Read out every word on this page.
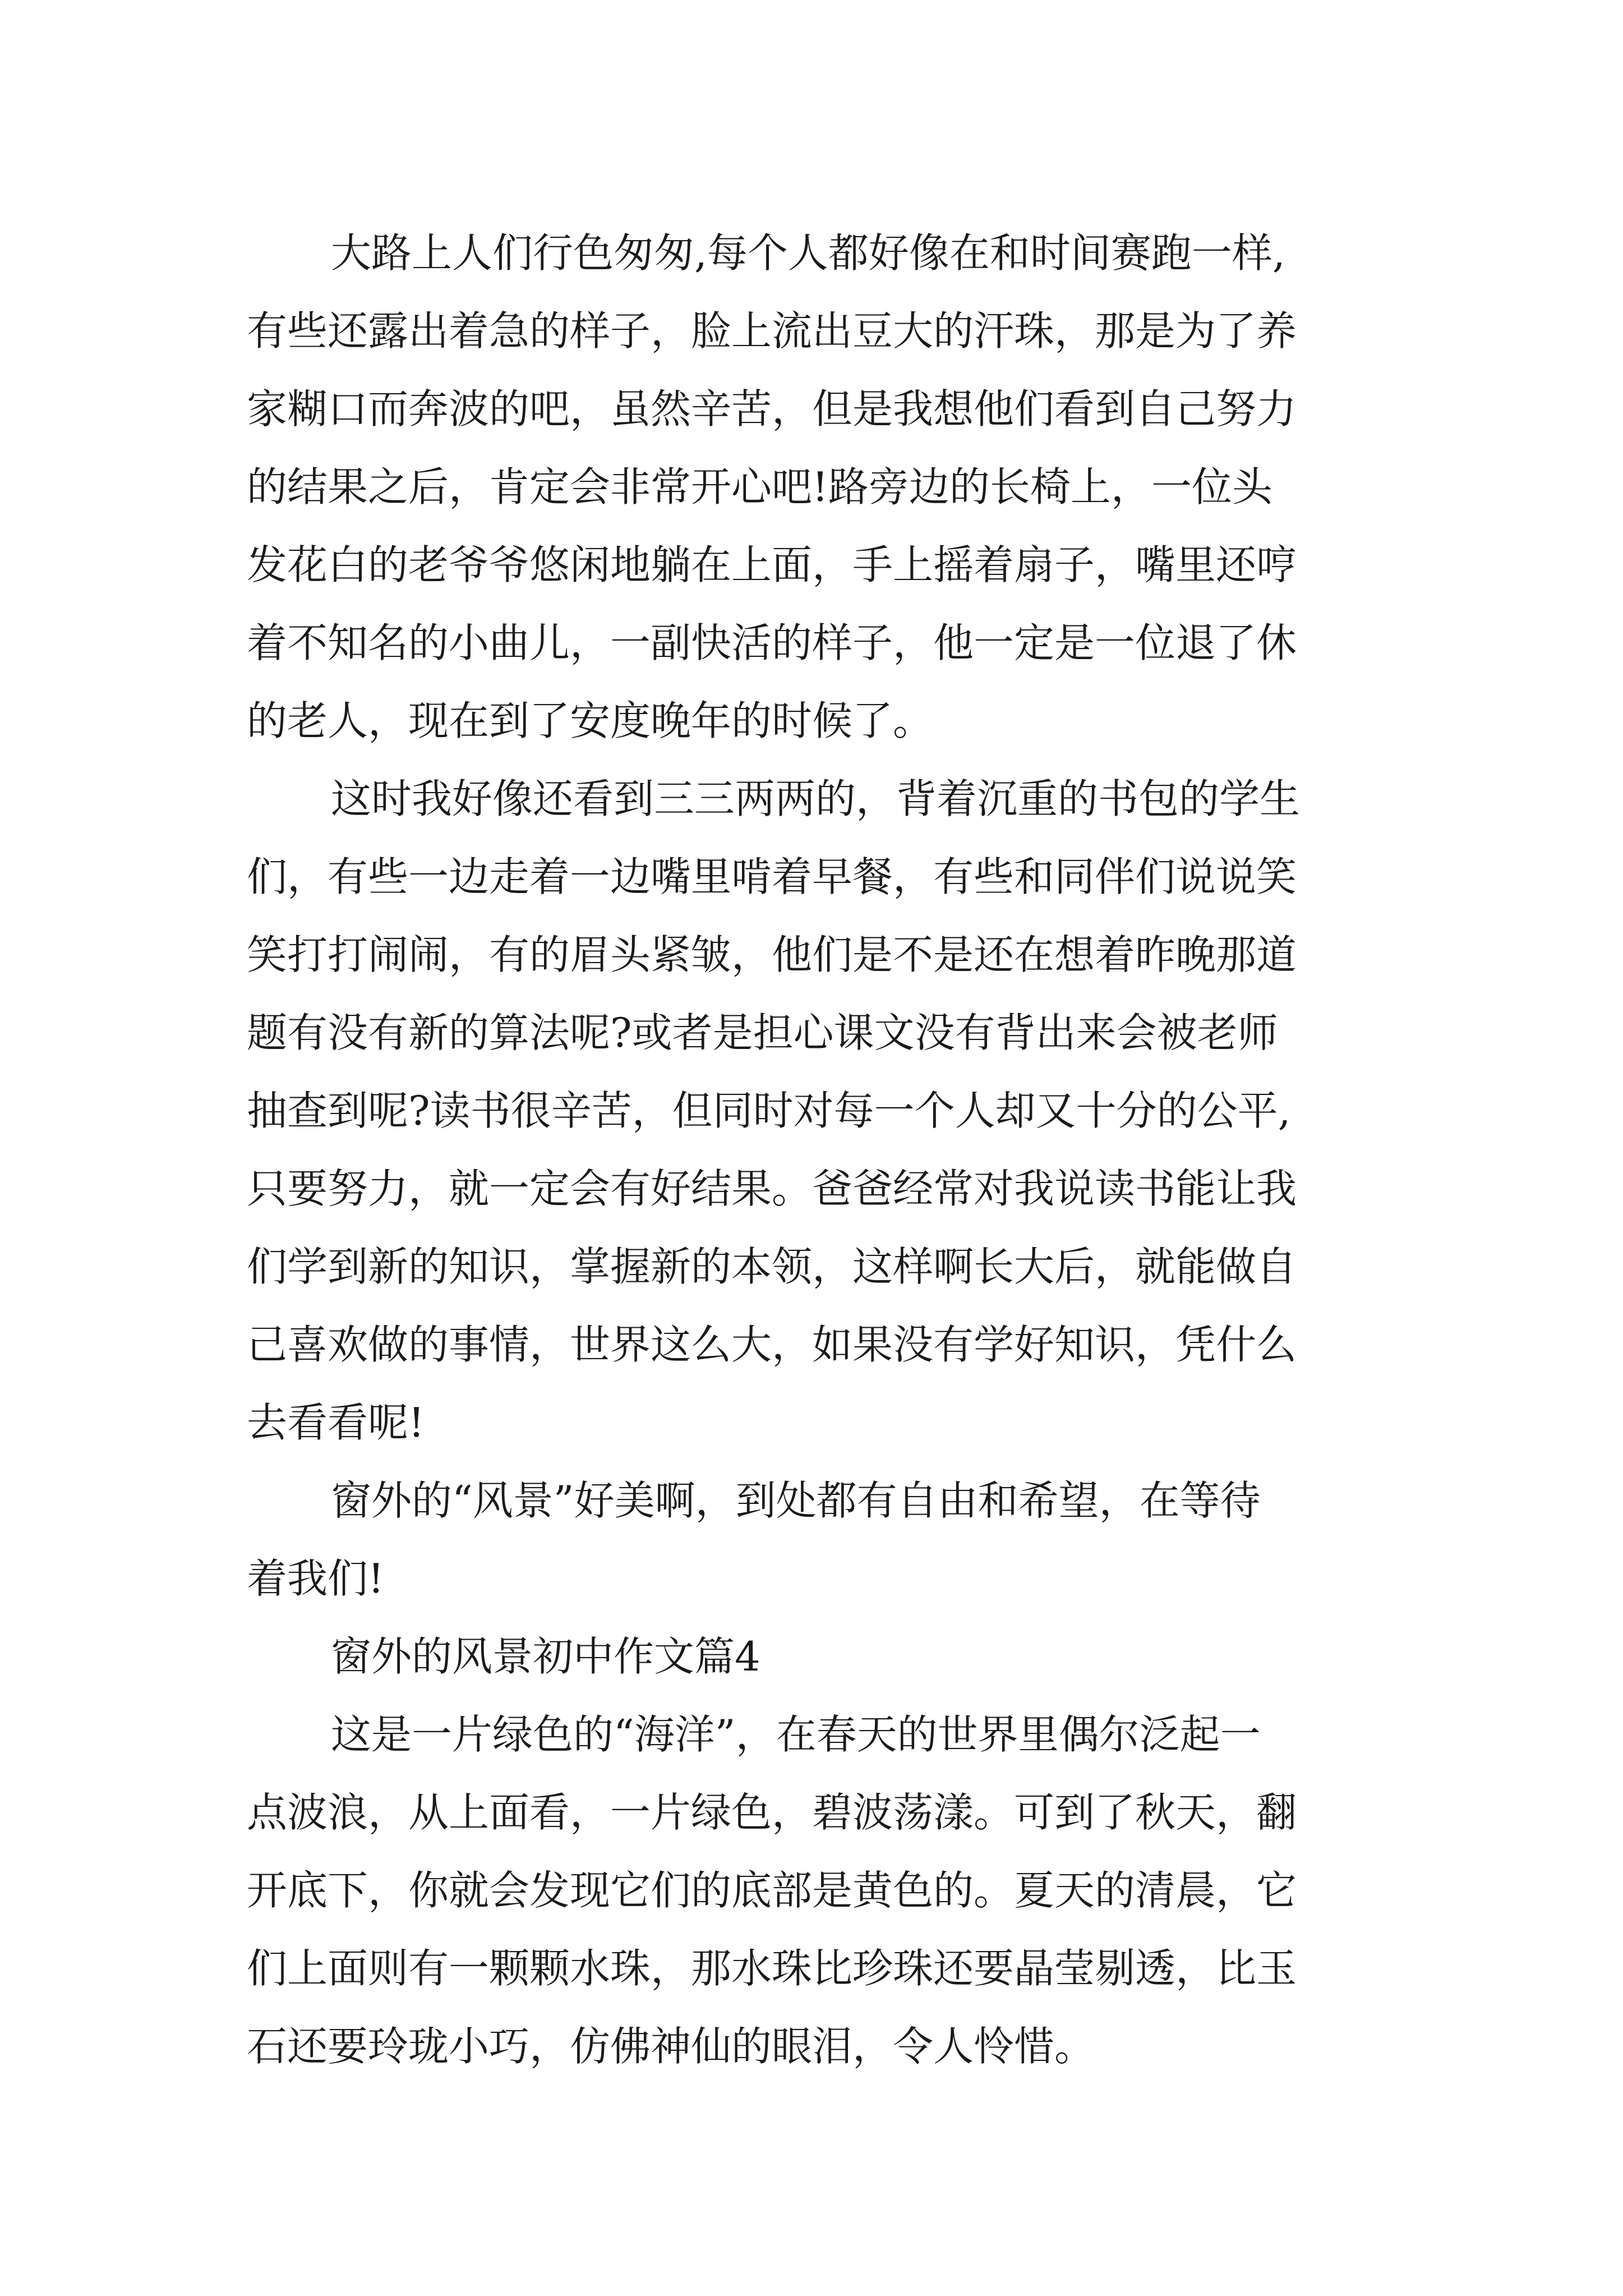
大路上人们行色匆匆,每个人都好像在和时间赛跑一样,
有些还露出着急的样子，脸上流出豆大的汗珠，那是为了养
家糊口而奔波的吧，虽然辛苦，但是我想他们看到自己努力
的结果之后，肯定会非常开心吧!路旁边的长椅上，一位头
发花白的老爷爷悠闲地躺在上面，手上摇着扇子，嘴里还哼
着不知名的小曲儿，一副快活的样子，他一定是一位退了休
的老人，现在到了安度晚年的时候了。
这时我好像还看到三三两两的，背着沉重的书包的学生
们，有些一边走着一边嘴里啃着早餐，有些和同伴们说说笑
笑打打闹闹，有的眉头紧皱，他们是不是还在想着昨晚那道
题有没有新的算法呢?或者是担心课文没有背出来会被老师
抽查到呢?读书很辛苦，但同时对每一个人却又十分的公平,
只要努力，就一定会有好结果。爸爸经常对我说读书能让我
们学到新的知识，掌握新的本领，这样啊长大后，就能做自
己喜欢做的事情，世界这么大，如果没有学好知识，凭什么
去看看呢!
窗外的“风景”好美啊，到处都有自由和希望，在等待
着我们!
窗外的风景初中作文篇4
这是一片绿色的“海洋”，在春天的世界里偶尔泛起一
点波浪，从上面看，一片绿色，碧波荡漾。可到了秋天，翻
开底下，你就会发现它们的底部是黄色的。夏天的清晨，它
们上面则有一颗颗水珠，那水珠比珍珠还要晶莹剔透，比玉
石还要玲珑小巧，仿佛神仙的眼泪，令人怜惜。
